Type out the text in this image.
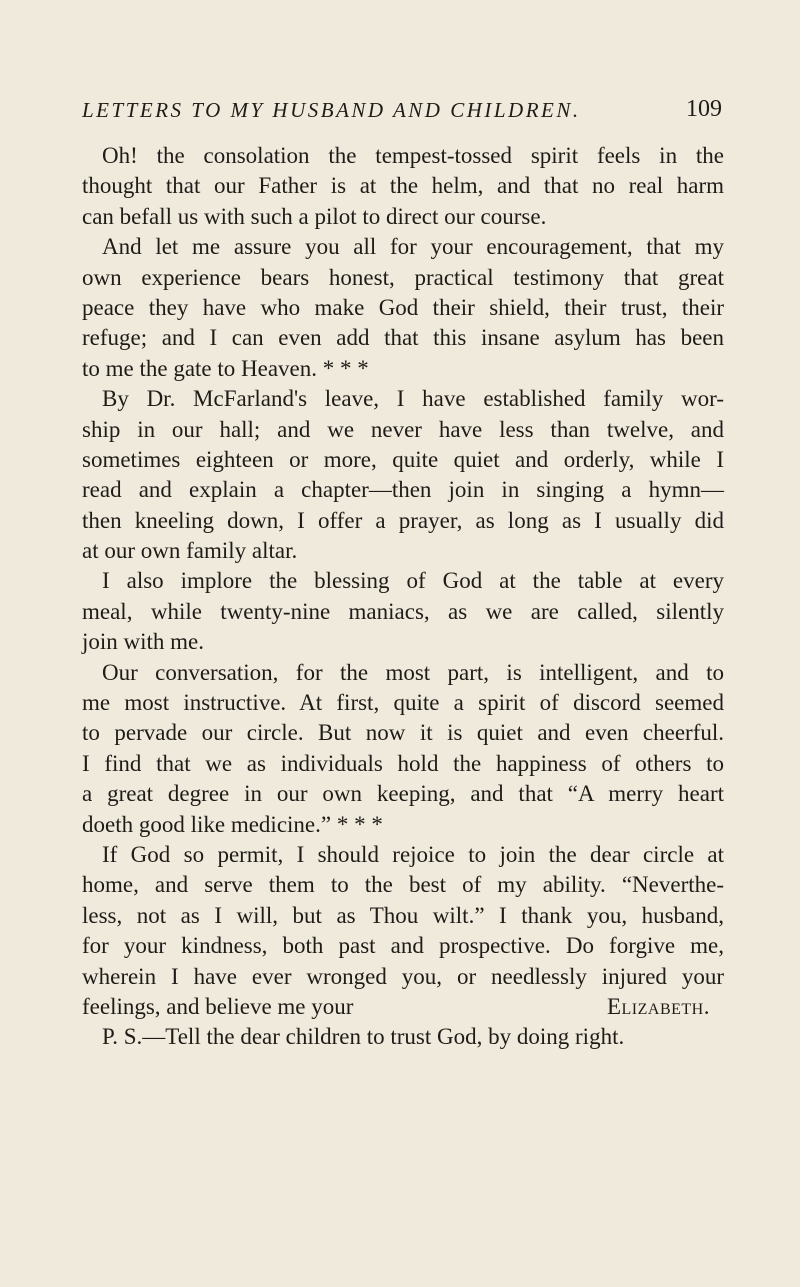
LETTERS TO MY HUSBAND AND CHILDREN.	109
Oh! the consolation the tempest-tossed spirit feels in the
thought that our Father is at the helm, and that no real harm
can befall us with such a pilot to direct our course.
And let me assure you all for your encouragement, that my
own experience bears honest, practical testimony that great
peace they have who make God their shield, their trust, their
refuge; and I can even add that this insane asylum has been
to me the gate to Heaven. * * *
By Dr. McFarland's leave, I have established family wor-
ship in our hall; and we never have less than twelve, and
sometimes eighteen or more, quite quiet and orderly, while I
read and explain a chapter—then join in singing a hymn—
then kneeling down, I offer a prayer, as long as I usually did
at our own family altar.
I also implore the blessing of God at the table at every
meal, while twenty-nine maniacs, as we are called, silently
join with me.
Our conversation, for the most part, is intelligent, and to
me most instructive. At first, quite a spirit of discord seemed
to pervade our circle. But now it is quiet and even cheerful.
I find that we as individuals hold the happiness of others to
a great degree in our own keeping, and that “A merry heart
doeth good like medicine.” * * *
If God so permit, I should rejoice to join the dear circle at
home, and serve them to the best of my ability. “Neverthe-
less, not as I will, but as Thou wilt.” I thank you, husband,
for your kindness, both past and prospective. Do forgive me,
wherein I have ever wronged you, or needlessly injured your
feelings, and believe me your	Elizabeth.
P. S.—Tell the dear children to trust God, by doing right.
